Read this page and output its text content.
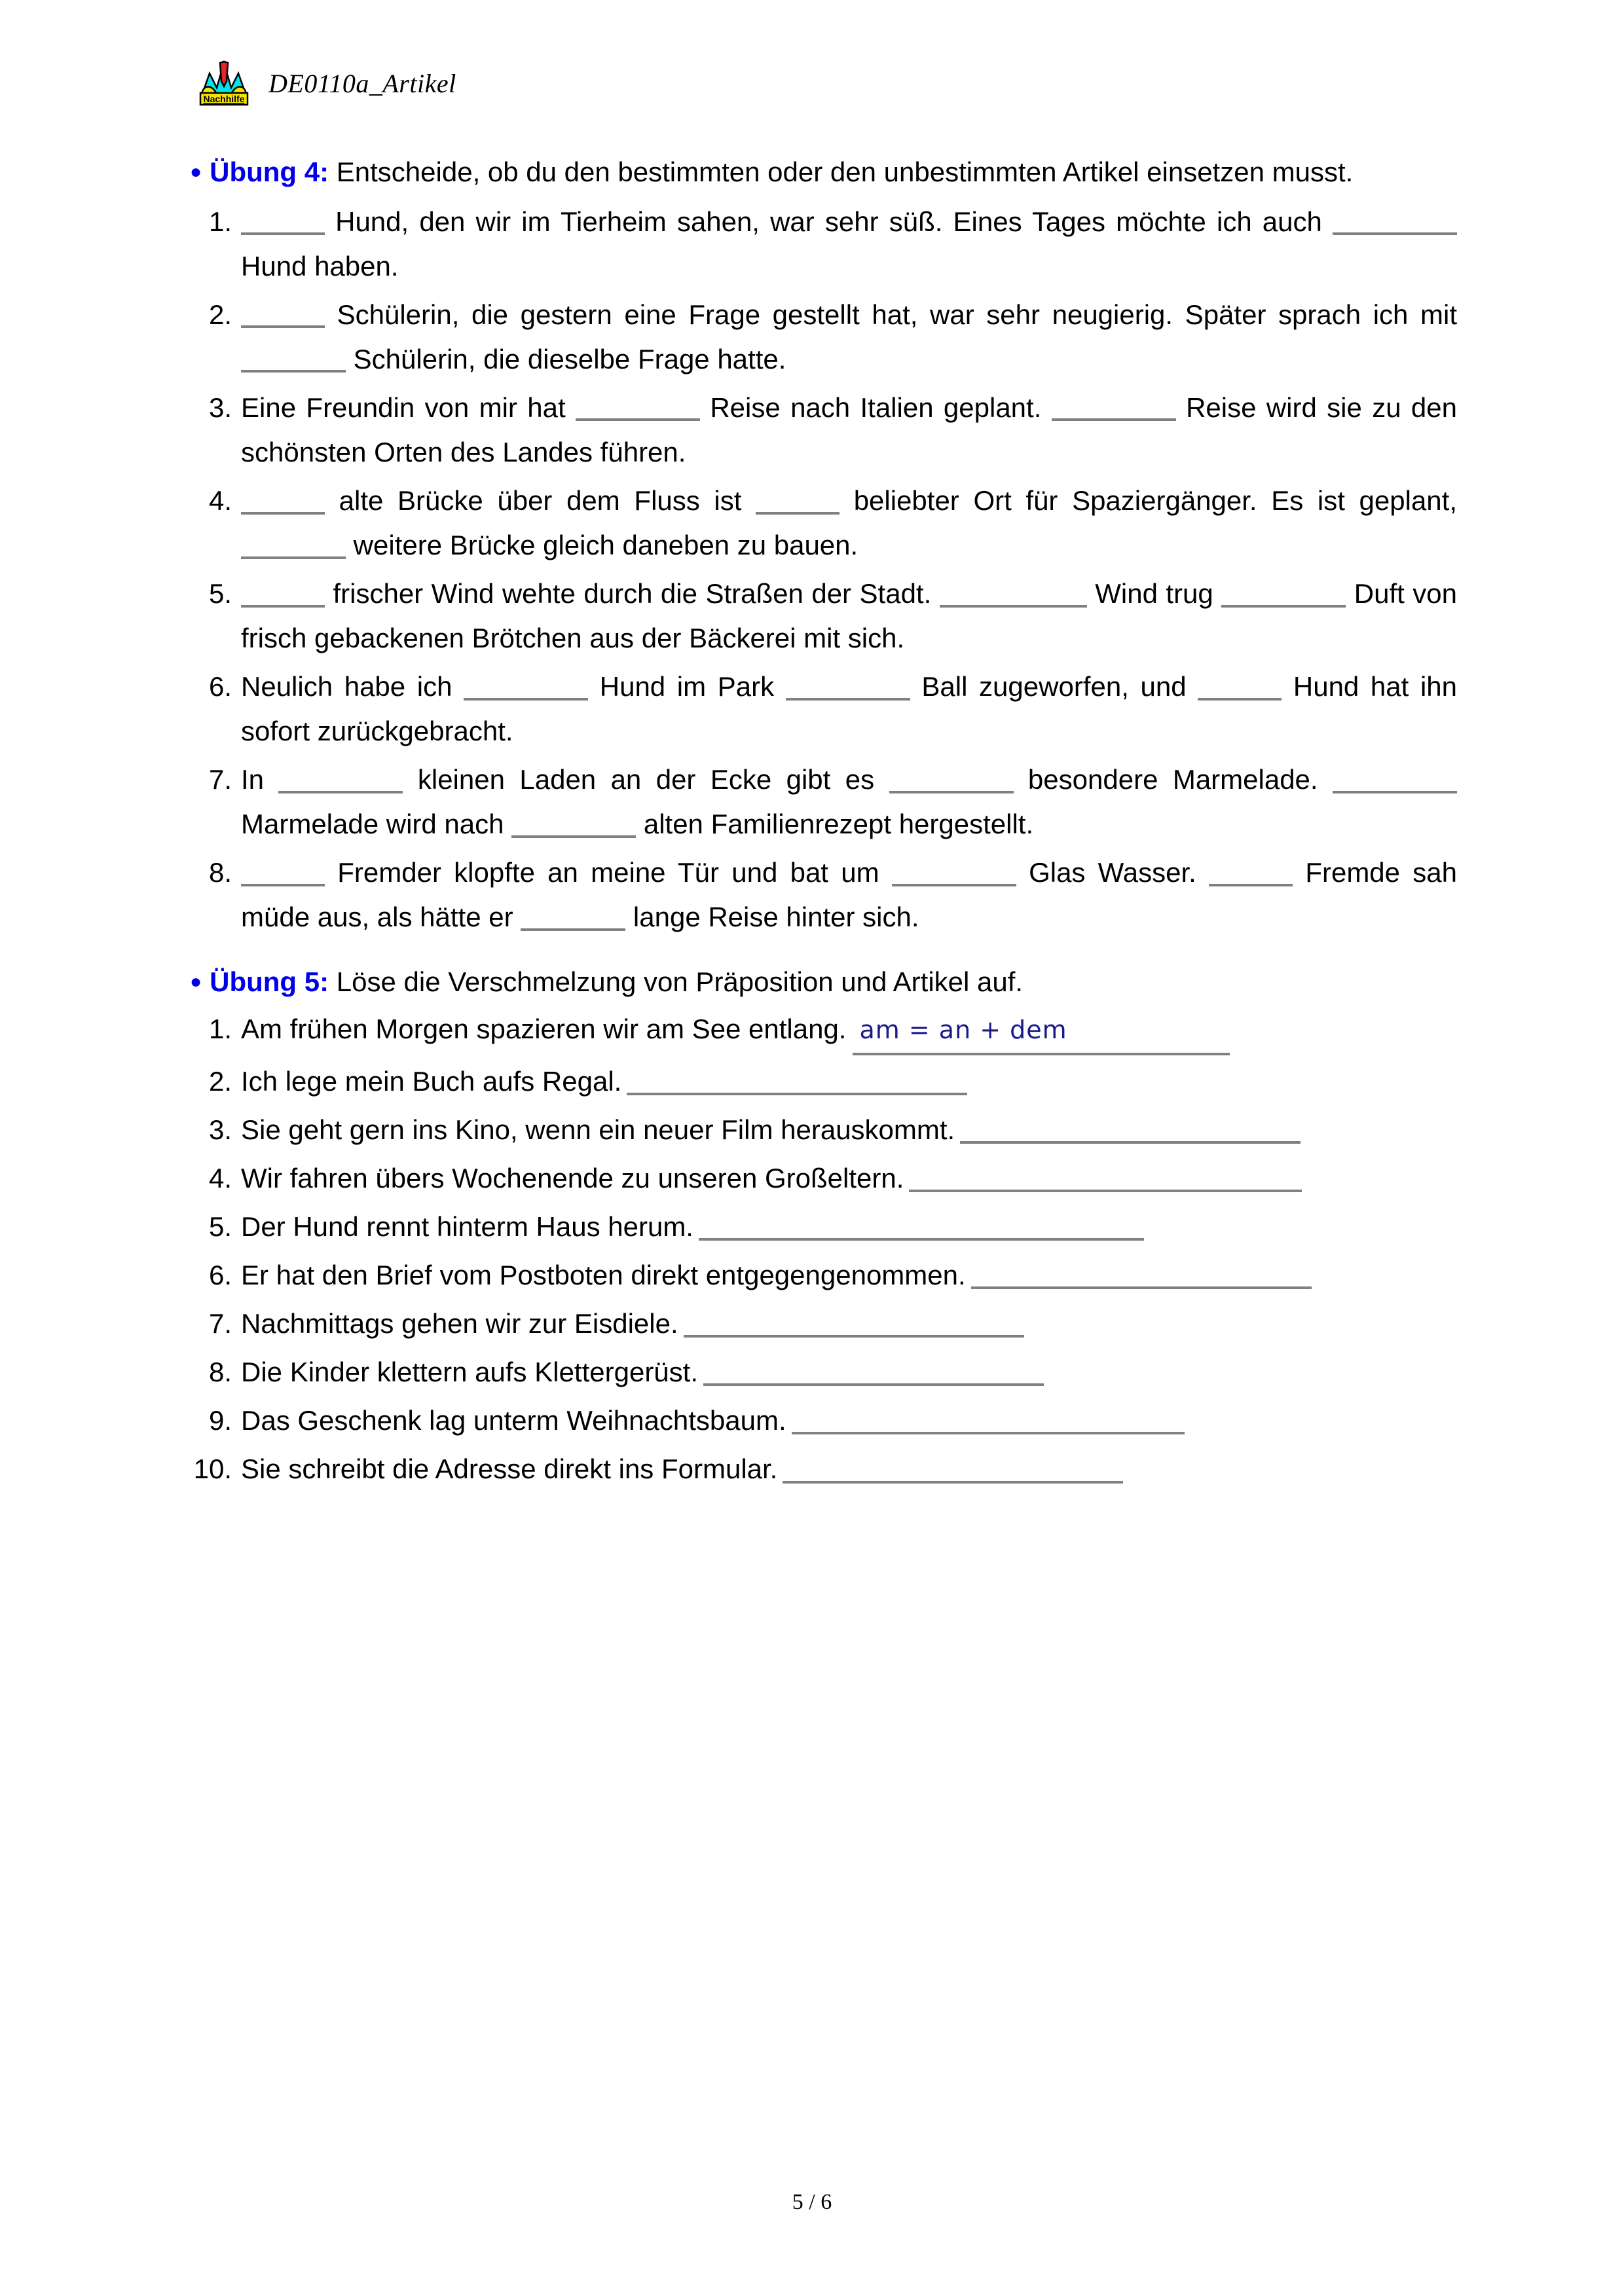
Nachhilfe
DE0110a_Artikel

● Übung 4: Entscheide, ob du den bestimmten oder den unbestimmten Artikel einsetzen musst.

1.	Hund, den wir im Tierheim sahen, war sehr süß. Eines Tages möchte ich auch  Hund haben.
2.	Schülerin, die gestern eine Frage gestellt hat, war sehr neugierig. Später sprach ich mit  Schülerin, die dieselbe Frage hatte.
3. Eine Freundin von mir hat	Reise nach Italien geplant.	Reise wird sie zu den schönsten Orten des Landes führen.
4.	alte Brücke über dem Fluss ist	beliebter Ort für Spaziergänger. Es ist geplant,  weitere Brücke gleich daneben zu bauen.
5.	frischer Wind wehte durch die Straßen der Stadt.	Wind trug	Duft von frisch gebackenen Brötchen aus der Bäckerei mit sich.
6. Neulich habe ich	Hund im Park	Ball zugeworfen, und	Hund hat ihn sofort zurückgebracht.
7. In	kleinen Laden an der Ecke gibt es	besondere Marmelade.  Marmelade wird nach	alten Familienrezept hergestellt.
8.	Fremder klopfte an meine Tür und bat um	Glas Wasser.	Fremde sah müde aus, als hätte er	lange Reise hinter sich.

● Übung 5: Löse die Verschmelzung von Präposition und Artikel auf.

1. Am frühen Morgen spazieren wir am See entlang. am = an + dem
2. Ich lege mein Buch aufs Regal.
3. Sie geht gern ins Kino, wenn ein neuer Film herauskommt.
4. Wir fahren übers Wochenende zu unseren Großeltern.
5. Der Hund rennt hinterm Haus herum.
6. Er hat den Brief vom Postboten direkt entgegengenommen.
7. Nachmittags gehen wir zur Eisdiele.
8. Die Kinder klettern aufs Klettergerüst.
9. Das Geschenk lag unterm Weihnachtsbaum.
10. Sie schreibt die Adresse direkt ins Formular.
5 / 6
